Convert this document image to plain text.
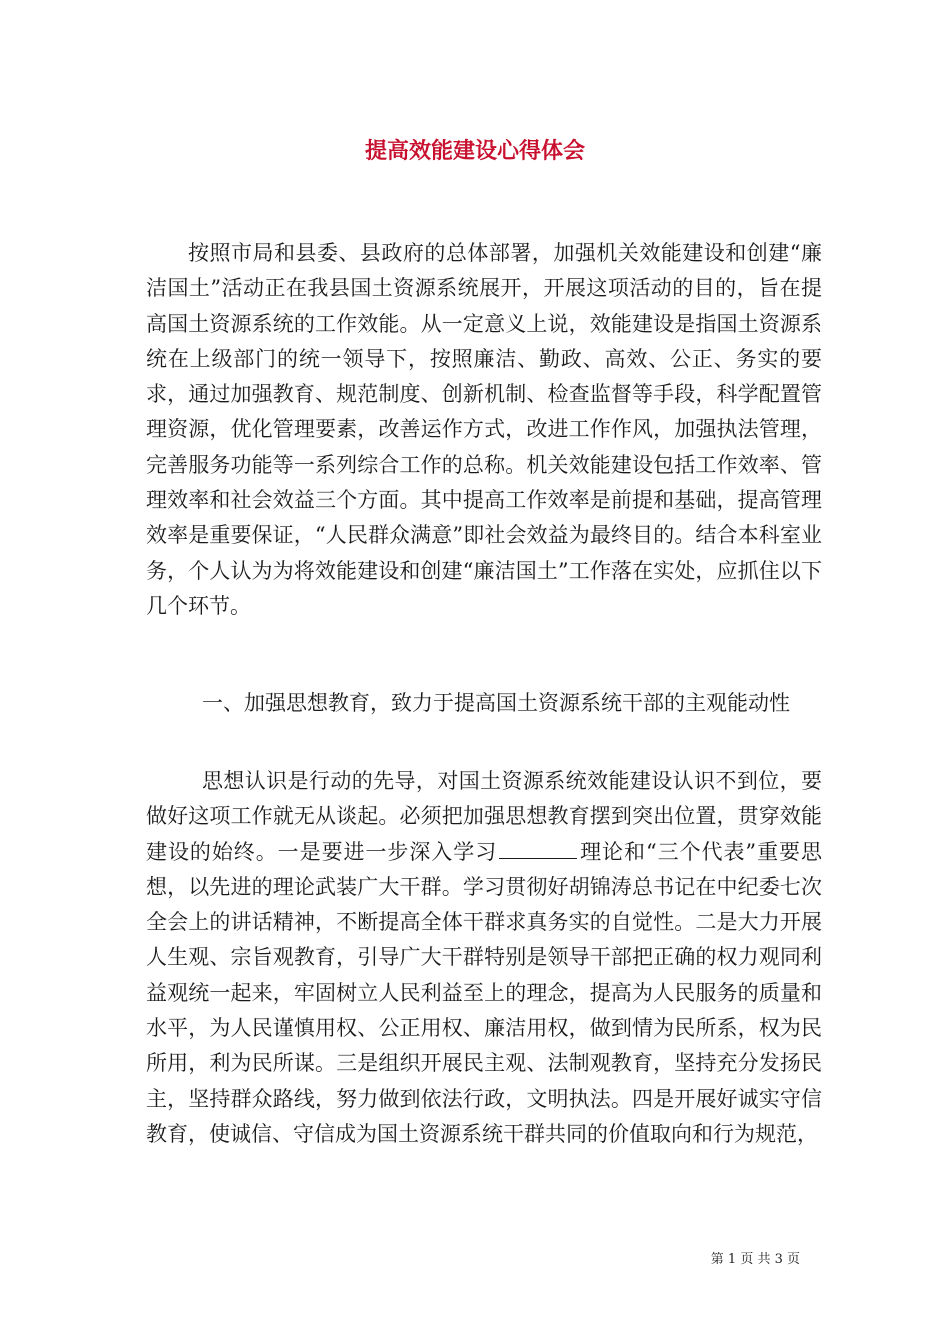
提高效能建设心得体会

按照市局和县委、县政府的总体部署，加强机关效能建设和创建“廉洁国土”活动正在我县国土资源系统展开，开展这项活动的目的，旨在提高国土资源系统的工作效能。从一定意义上说，效能建设是指国土资源系统在上级部门的统一领导下，按照廉洁、勤政、高效、公正、务实的要求，通过加强教育、规范制度、创新机制、检查监督等手段，科学配置管理资源，优化管理要素，改善运作方式，改进工作作风，加强执法管理，完善服务功能等一系列综合工作的总称。机关效能建设包括工作效率、管理效率和社会效益三个方面。其中提高工作效率是前提和基础，提高管理效率是重要保证，“人民群众满意”即社会效益为最终目的。结合本科室业务，个人认为为将效能建设和创建“廉洁国土”工作落在实处，应抓住以下几个环节。

一、加强思想教育，致力于提高国土资源系统干部的主观能动性

思想认识是行动的先导，对国土资源系统效能建设认识不到位，要做好这项工作就无从谈起。必须把加强思想教育摆到突出位置，贯穿效能建设的始终。一是要进一步深入学习	理论和“三个代表”重要思想，以先进的理论武装广大干群。学习贯彻好胡锦涛总书记在中纪委七次全会上的讲话精神，不断提高全体干群求真务实的自觉性。二是大力开展人生观、宗旨观教育，引导广大干群特别是领导干部把正确的权力观同利益观统一起来，牢固树立人民利益至上的理念，提高为人民服务的质量和水平，为人民谨慎用权、公正用权、廉洁用权，做到情为民所系，权为民所用，利为民所谋。三是组织开展民主观、法制观教育，坚持充分发扬民主，坚持群众路线，努力做到依法行政，文明执法。四是开展好诚实守信教育，使诚信、守信成为国土资源系统干群共同的价值取向和行为规范，

第 1 页 共 3 页
